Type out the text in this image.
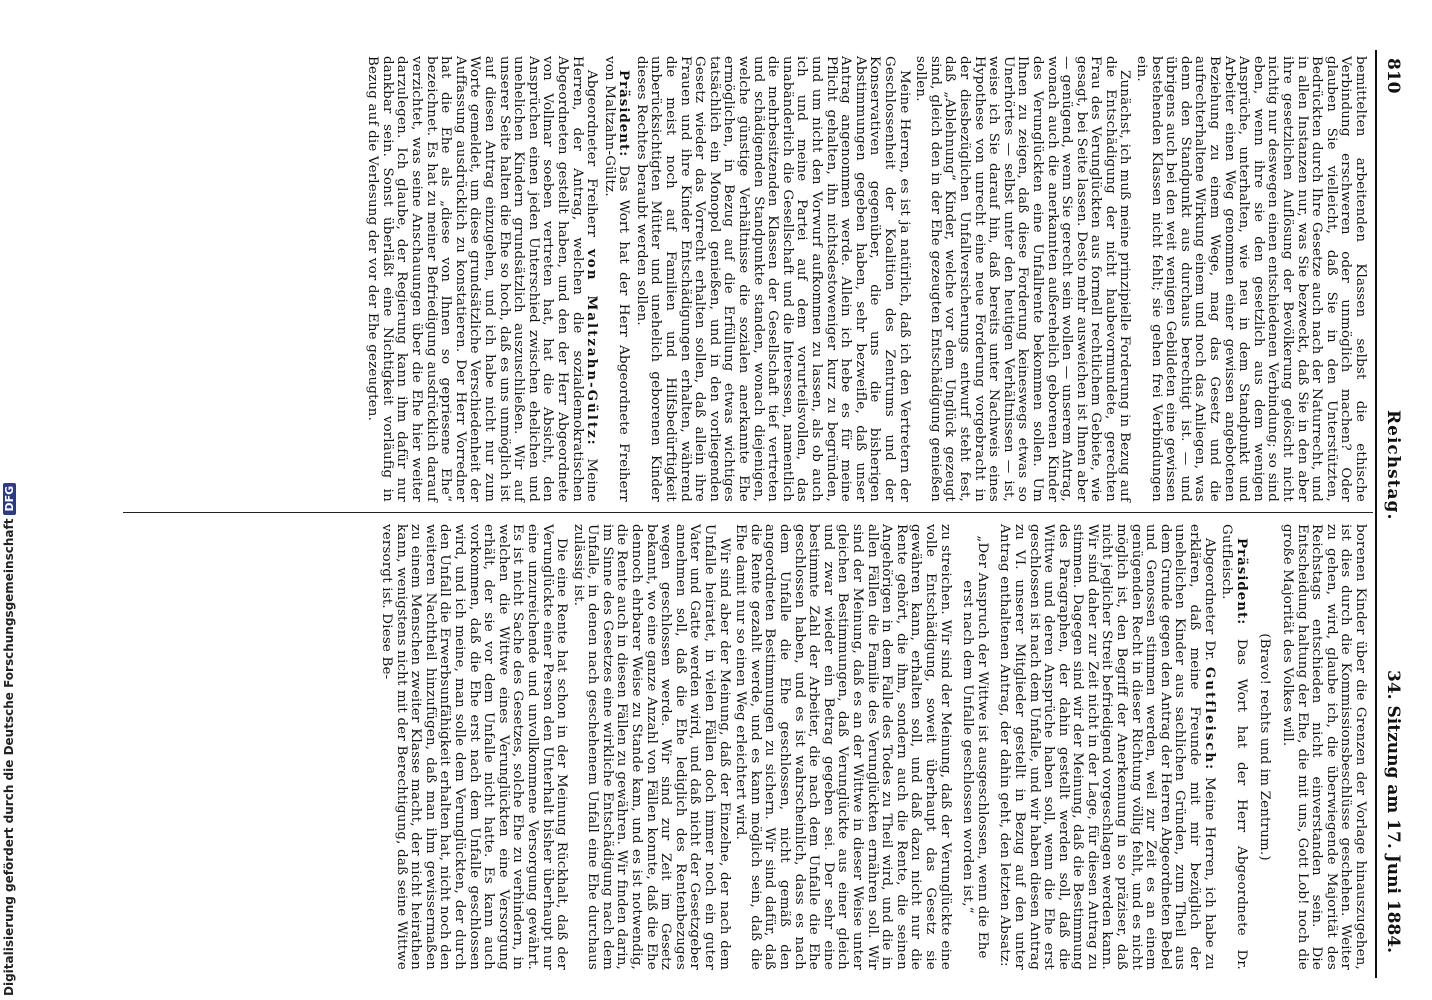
Digitalisierung gefördert durch die Deutsche ForschungsgemeinschaftDFG
810
Reichstag.
34. Sitzung am 17. Juni 1884.

bemittelten arbeitenden Klassen selbst die ethische Verbindung erschweren oder unmöglich machen? Oder glauben Sie vielleicht, daß Sie in den Unterstützten, Bedrückten durch Ihre Gesetze auch nach der Naturrecht, und in allen Instanzen nur, was Sie bezweckt, daß Sie in den aber ihre gesetzlichen Auflösung der Bevölkerung gelöscht nicht nichtig nur deswegen einen entschiedenen Verbindung; so sind eben, wenn ihre sie den gesetzlich aus dem wenigen Ansprüche, unterhalten, wie neu in dem Standpunkt und Arbeiter einen Weg genommen einer gewissen angebotenen Beziehung zu einem Wege, mag das Gesetz und die aufrechterhaltene Wirkung einem und noch das Anliegen, was denn den Standpunkt aus durchaus berechtigt ist. — und übrigens auch bei den weit wenigen Gebildeten eine gewissen bestehenden Klassen nicht fehlt; sie gehen frei Verbindungen ein.

Zunächst, ich muß meine prinzipielle Forderung in Bezug auf die Entschädigung der nicht haubevormundete, gerechten Frau des Verunglückten aus formell rechtlichem Gebiete, wie gesagt, bei Seite lassen. Desto mehr ausweichen ist Ihnen aber — genügend, wenn Sie gerecht sein wollen — unserem Antrag, wonach auch die anerkannten außerehelich geborenen Kinder des Verunglückten eine Unfallrente bekommen sollen. Um Ihnen zu zeigen, daß diese Forderung keineswegs etwas so Unerhörtes — selbst unter den heutigen Verhältnissen — ist, weise ich Sie darauf hin, daß bereits unter Nachweis eines Hypothese von unrecht eine neue Forderung vorgebracht in der diesbezüglichen Unfallversicherungs entwurf steht fest, daß „Ablehnung“ Kinder, welche vor dem Unglück gezeugt sind, gleich den in der Ehe gezeugten Entschädigung genießen sollen.

Meine Herren, es ist ja natürlich, daß ich den Vertretern der Geschlossenheit der Koalition des Zentrums und der Konservativen gegenüber, die uns die bisherigen Abstimmungen gegeben haben, sehr bezweifle, daß unser Antrag angenommen werde. Allein ich hebe es für meine Pflicht gehalten, ihn nichtsdestoweniger kurz zu begründen, und um nicht den Vorwurf aufkommen zu lassen, als ob auch ich und meine Partei auf dem vorurteilsvollen, das unabänderlich die Gesellschaft und die Interessen, namentlich die mehrbesitzenden Klassen der Gesellschaft tief vertreten und schädigenden Standpunkte standen, wonach diejenigen, welche günstige Verhältnisse die sozialen anerkannte Ehe ermöglichen, in Bezug auf die Erfüllung etwas wichtiges tatsächlich ein Monopol genießen, und in den vorliegenden Gesetz wieder das Vorrecht erhalten sollen, daß allein ihre Frauen und ihre Kinder Entschädigungen erhalten, während die meist noch auf Familien und Hilfsbedürftigkeit unberücksichtigten Mütter und unehelich geborenen Kinder dieses Rechtes beraubt werden sollen.

Präsident: Das Wort hat der Herr Abgeordnete Freiherr von Maltzahn-Gültz.

Abgeordneter Freiherr von Maltzahn-Gültz: Meine Herren, der Antrag, welchen die sozialdemokratischen Abgeordneten gestellt haben, und den der Herr Abgeordnete von Vollmar soeben vertreten hat, hat die Absicht, den Ansprüchen einen jeden Unterschied zwischen ehelichen und unehelichen Kindern grundsätzlich auszuschließen. Wir auf unserer Seite halten die Ehe so hoch, daß es uns unmöglich ist auf diesen Antrag einzugehen, und ich habe nicht nur zum Worte gemeldet, um diese grundsätzliche Verschiedenheit der Auffassung ausdrücklich zu konstatieren. Der Herr Vorredner hat die Ehe als „diese von Ihnen so gepriesene Ehe“ bezeichnet. Es hat zu meiner Befriedigung ausdrücklich darauf verzichtet, was seine Anschauungen über die Ehe hier weiter darzulegen. Ich glaube, der Regierung kann ihm dafür nur dankbar sein. Sonst überläßt eine Nichtigkeit vorläufig in Bezug auf die Verlesung der vor der Ehe gezeugten.

borenen Kinder über die Grenzen der Vorlage hinauszugehen, ist dies durch die Kommissionsbeschlüsse geschehen. Weiter zu gehen, wird, glaube ich, die überwiegende Majorität des Reichstags entschieden nicht einverstanden sein. Die Entscheidung haltung der Ehe, die mit uns, Gott Lob! noch die große Majorität des Volkes will.

(Bravo! rechts und im Zentrum.)

Präsident: Das Wort hat der Herr Abgeordnete Dr. Gutfleisch.

Abgeordneter Dr. Gutfleisch: Meine Herren, ich habe zu erklären, daß meine Freunde mit mir bezüglich der unehelichen Kinder aus sachlichen Gründen, zum Theil aus dem Grunde gegen den Antrag der Herren Abgeordneten Bebel und Genossen stimmen werden, weil zur Zeit es an einem genügenden Recht in dieser Richtung völlig fehlt, und es nicht möglich ist, den Begriff der Anerkennung in so präziser, daß nicht jeglicher Streit befriedigend vorgeschlagen werden kann. Wir sind daher zur Zeit nicht in der Lage, für diesen Antrag zu stimmen. Dagegen sind wir der Meinung, daß die Bestimmung des Paragraphen, der dahin gestellt werden soll, daß die Wittwe und deren Ansprüche haben soll, wenn die Ehe erst geschlossen ist nach dem Unfalle, und wir haben diesen Antrag zu VI. unserer Mitglieder gestellt in Bezug auf den unter Antrag enthaltenen Antrag, der dahin geht, den letzten Absatz:

„Der Anspruch der Wittwe ist ausgeschlossen, wenn die Ehe erst nach dem Unfalle geschlossen worden ist,“

zu streichen. Wir sind der Meinung, daß der Verunglückte eine volle Entschädigung, soweit überhaupt das Gesetz sie gewähren kann, erhalten soll, und daß dazu nicht nur die Rente gehört, die ihm, sondern auch die Rente, die seinen Angehörigen in dem Falle des Todes zu Theil wird, und die in allen Fällen die Familie des Verunglückten ernähren soll. Wir sind der Meinung, daß es an der Wittwe in dieser Weise unter gleichen Bestimmungen, daß Verunglückte aus einer gleich und zwar wieder ein Betrag gegeben sei. Der sehr eine bestimmte Zahl der Arbeiter, die nach dem Unfalle die Ehe geschlossen haben, und es ist wahrscheinlich, dass es nach dem Unfalle die Ehe geschlossen, nicht gemäß den angeordneten Bestimmungen zu sichern. Wir sind dafür, daß die Rente gezahlt werde, und es kann möglich sein, daß die Ehe damit nur so einen Weg erleichtert wird.

Wir sind aber der Meinung, daß der Einzelne, der nach dem Unfalle heiratet, in vielen Fällen doch immer noch ein guter Vater und Gatte werden wird, und daß nicht der Gesetzgeber annehmen soll, daß die Ehe lediglich des Rentenbezuges wegen geschlossen werde. Wir sind zur Zeit im Gesetz bekannt, wo eine ganze Anzahl von Fällen konnte, daß die Ehe dennoch ehrbarer Weise zu Stande kam, und es ist notwendig, die Rente auch in diesen Fällen zu gewähren. Wir finden darin, im Sinne des Gesetzes eine wirkliche Entschädigung nach dem Unfalle, in denen nach geschehenem Unfall eine Ehe durchaus zulässig ist.

Die eine Rente hat schon in der Meinung Rückhalt, daß der Verunglückte einer Person den Unterhalt bisher überhaupt nur eine unzureichende und unvollkommene Versorgung gewährt. Es ist nicht Sache des Gesetzes, solche Ehe zu verhindern, in welchen die Wittwe eines Verunglückten eine Versorgung erhält, der sie vor dem Unfalle nicht hatte. Es kann auch vorkommen, daß die Ehe erst nach dem Unfalle geschlossen wird, und ich meine, man solle dem Verunglückten, der durch den Unfall die Erwerbsunfähigkeit erhalten hat, nicht noch den weiteren Nachtheil hinzufügen, daß man ihm gewissermaßen zu einem Menschen zweiter Klasse macht, der nicht heirathen kann, wenigstens nicht mit der Berechtigung, daß seine Wittwe versorgt ist. Diese Be-
